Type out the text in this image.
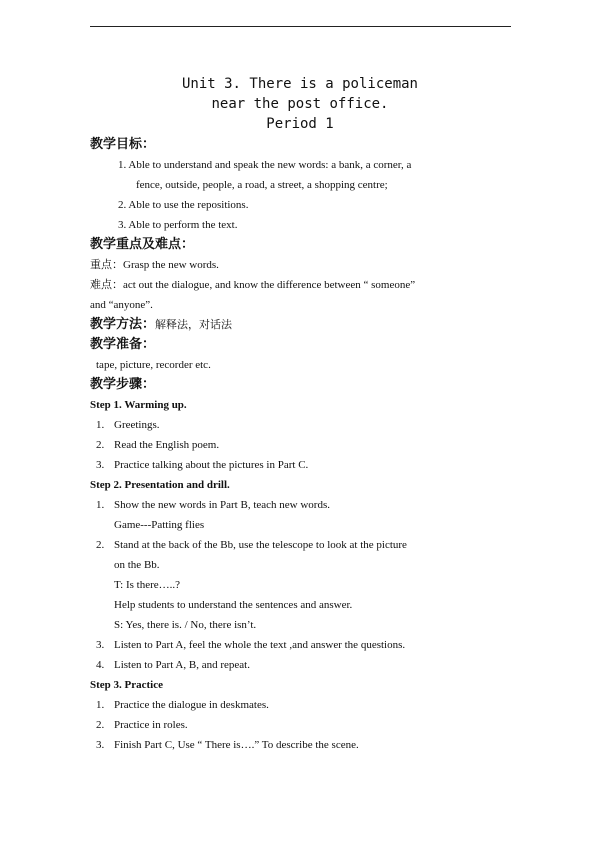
Unit 3. There is a policeman
near the post office.
Period 1
教学目标：
1. Able to understand and speak the new words: a bank, a corner, a
fence, outside, people, a road, a street, a shopping centre;
2. Able to use the repositions.
3. Able to perform the text.
教学重点及难点：
重点：Grasp the new words.
难点：act out the dialogue, and know the difference between “ someone”
and “anyone”.
教学方法：解释法，对话法
教学准备：
tape, picture, recorder etc.
教学步骤：
Step 1. Warming up.
1. Greetings.
2. Read the English poem.
3. Practice talking about the pictures in Part C.
Step 2. Presentation and drill.
1. Show the new words in Part B, teach new words.
Game---Patting flies
2. Stand at the back of the Bb, use the telescope to look at the picture
on the Bb.
T: Is there…..?
Help students to understand the sentences and answer.
S: Yes, there is. / No, there isn’t.
3. Listen to Part A, feel the whole the text ,and answer the questions.
4. Listen to Part A, B, and repeat.
Step 3. Practice
1. Practice the dialogue in deskmates.
2. Practice in roles.
3. Finish Part C, Use “ There is….” To describe the scene.
